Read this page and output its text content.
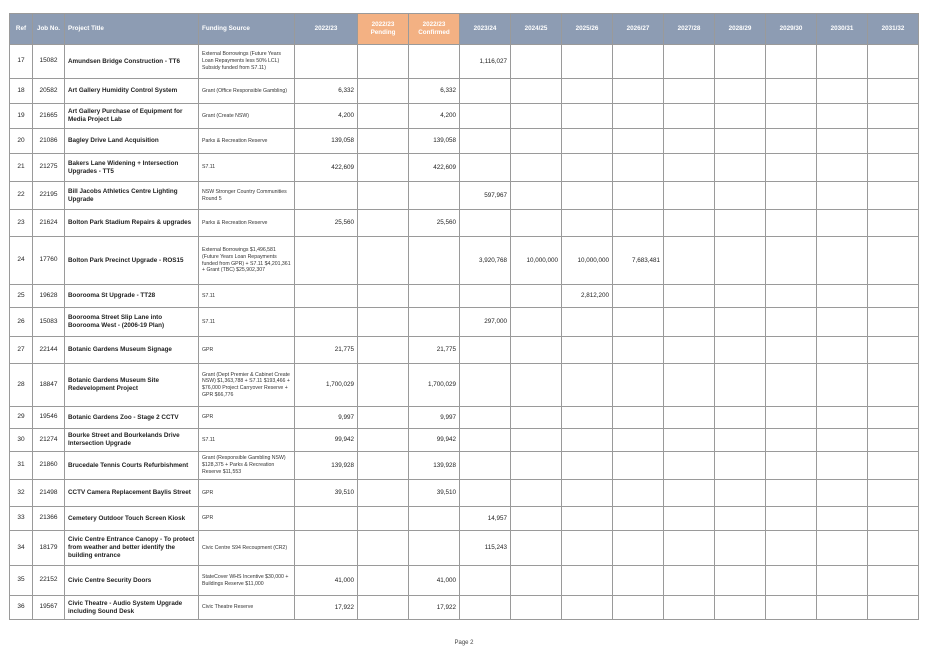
Ref	Job No.	Project Title	Funding Source	2022/23	2022/23 Pending	2022/23 Confirmed	2023/24	2024/25	2025/26	2026/27	2027/28	2028/29	2029/30	2030/31	2031/32
17	15082	Amundsen Bridge Construction - TT6	External Borrowings (Future Years Loan Repayments less 50% LCL) Subsidy funded from S7.11)				1,116,027								
18	20582	Art Gallery Humidity Control System	Grant (Office Responsible Gambling)	6,332		6,332									
19	21665	Art Gallery Purchase of Equipment for Media Project Lab	Grant (Create NSW)	4,200		4,200									
20	21086	Bagley Drive Land Acquisition	Parks & Recreation Reserve	139,058		139,058									
21	21275	Bakers Lane Widening + Intersection Upgrades - TT5	S7.11	422,609		422,609									
22	22195	Bill Jacobs Athletics Centre Lighting Upgrade	NSW Stronger Country Communities Round 5				597,967								
23	21624	Bolton Park Stadium Repairs & upgrades	Parks & Recreation Reserve	25,560		25,560									
24	17760	Bolton Park Precinct Upgrade - ROS15	External Borrowings $1,496,581 (Future Years Loan Repayments funded from GPR) + S7.11 $4,201,361 + Grant (TBC) $25,902,307				3,920,768	10,000,000	10,000,000	7,683,481					
25	19628	Boorooma St Upgrade - TT28	S7.11						2,812,200						
26	15083	Boorooma Street Slip Lane into Boorooma West - (2006-19 Plan)	S7.11				297,000								
27	22144	Botanic Gardens Museum Signage	GPR	21,775		21,775									
28	18847	Botanic Gardens Museum Site Redevelopment Project	Grant (Dept Premier & Cabinet Create NSW) $1,363,788 + S7.11 $193,466 + $76,000 Project Carryover Reserve + GPR $66,776	1,700,029		1,700,029									
29	19546	Botanic Gardens Zoo - Stage 2 CCTV	GPR	9,997		9,997									
30	21274	Bourke Street and Bourkelands Drive Intersection Upgrade	S7.11	99,942		99,942									
31	21860	Brucedale Tennis Courts Refurbishment	Grant (Responsible Gambling NSW) $128,375 + Parks & Recreation Reserve $11,553	139,928		139,928									
32	21498	CCTV Camera Replacement Baylis Street	GPR	39,510		39,510									
33	21366	Cemetery Outdoor Touch Screen Kiosk	GPR				14,957								
34	18179	Civic Centre Entrance Canopy - To protect from weather and better identify the building entrance	Civic Centre S94 Recoupment (CR2)				115,243								
35	22152	Civic Centre Security Doors	StateCover WHS Incentive $30,000 + Buildings Reserve $11,000	41,000		41,000									
36	19567	Civic Theatre - Audio System Upgrade including Sound Desk	Civic Theatre Reserve	17,922		17,922									
Page 2
